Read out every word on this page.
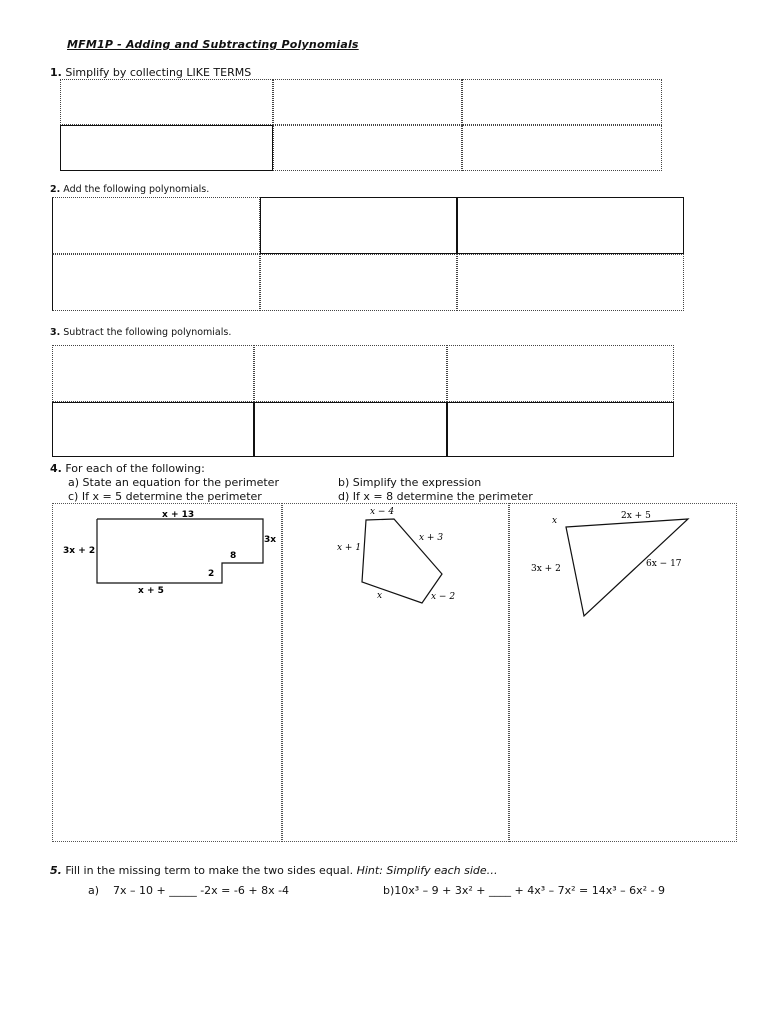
MFM1P - Adding and Subtracting Polynomials
1. Simplify by collecting LIKE TERMS
2. Add the following polynomials.
3. Subtract the following polynomials.
4. For each of the following:
a) State an equation for the perimeter	b) Simplify the expression
c) If x = 5 determine the perimeter	d) If x = 8 determine the perimeter
x + 13
3x + 2
3x
8
2
x + 5
x − 4
x + 3
x + 1
x − 2
x
2x + 5
x
3x + 2	6x − 17
5. Fill in the missing term to make the two sides equal. Hint: Simplify each side…
a) 7x – 10 + _____ -2x = -6 + 8x -4	b)10x³ – 9 + 3x² + ____ + 4x³ – 7x² = 14x³ – 6x² - 9
